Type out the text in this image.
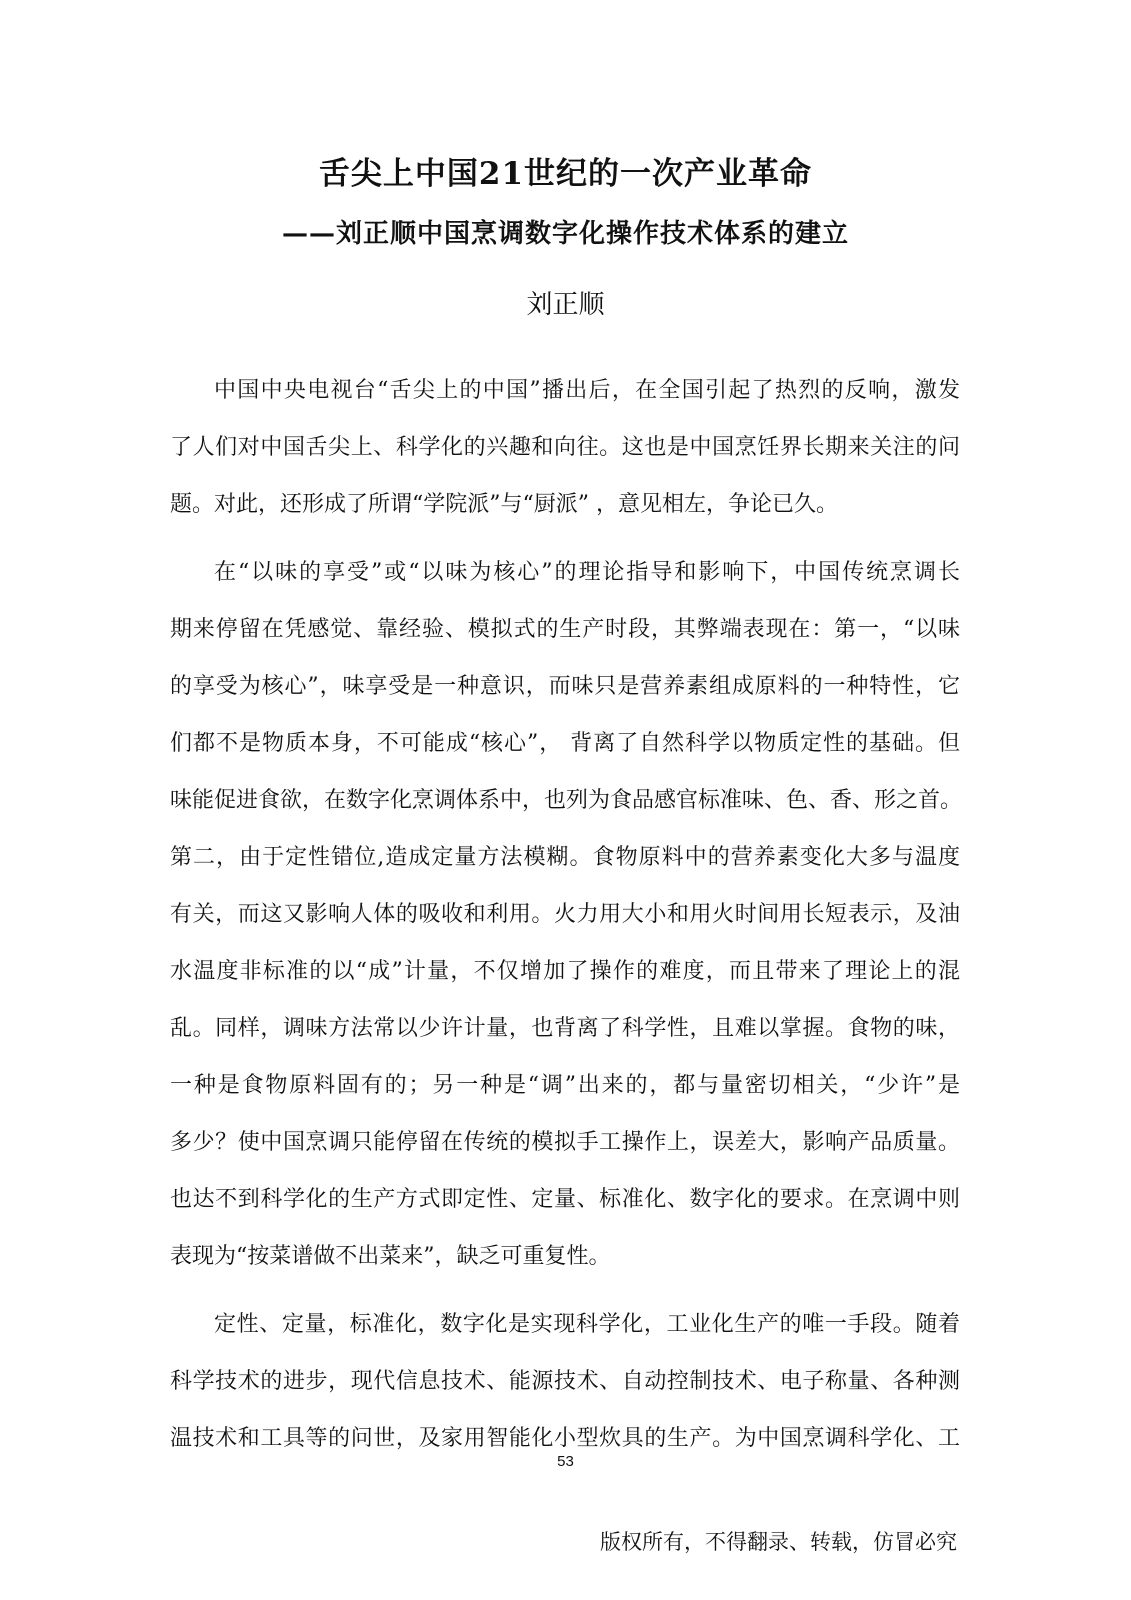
舌尖上中国21世纪的一次产业革命
——刘正顺中国烹调数字化操作技术体系的建立
刘正顺
中国中央电视台“舌尖上的中国”播出后，在全国引起了热烈的反响，激发
了人们对中国舌尖上、科学化的兴趣和向往。这也是中国烹饪界长期来关注的问
题。对此，还形成了所谓“学院派”与“厨派” ，意见相左，争论已久。
在“以味的享受”或“以味为核心”的理论指导和影响下，中国传统烹调长
期来停留在凭感觉、靠经验、模拟式的生产时段，其弊端表现在：第一，“以味
的享受为核心”，味享受是一种意识，而味只是营养素组成原料的一种特性，它
们都不是物质本身，不可能成“核心”， 背离了自然科学以物质定性的基础。但
味能促进食欲，在数字化烹调体系中，也列为食品感官标准味、色、香、形之首。
第二，由于定性错位,造成定量方法模糊。食物原料中的营养素变化大多与温度
有关，而这又影响人体的吸收和利用。火力用大小和用火时间用长短表示，及油
水温度非标准的以“成”计量，不仅增加了操作的难度，而且带来了理论上的混
乱。同样，调味方法常以少许计量，也背离了科学性，且难以掌握。食物的味，
一种是食物原料固有的；另一种是“调”出来的，都与量密切相关，“少许”是
多少？使中国烹调只能停留在传统的模拟手工操作上，误差大，影响产品质量。
也达不到科学化的生产方式即定性、定量、标准化、数字化的要求。在烹调中则
表现为“按菜谱做不出菜来”，缺乏可重复性。
定性、定量，标准化，数字化是实现科学化，工业化生产的唯一手段。随着
科学技术的进步，现代信息技术、能源技术、自动控制技术、电子称量、各种测
温技术和工具等的问世，及家用智能化小型炊具的生产。为中国烹调科学化、工
53
版权所有，不得翻录、转载，仿冒必究
